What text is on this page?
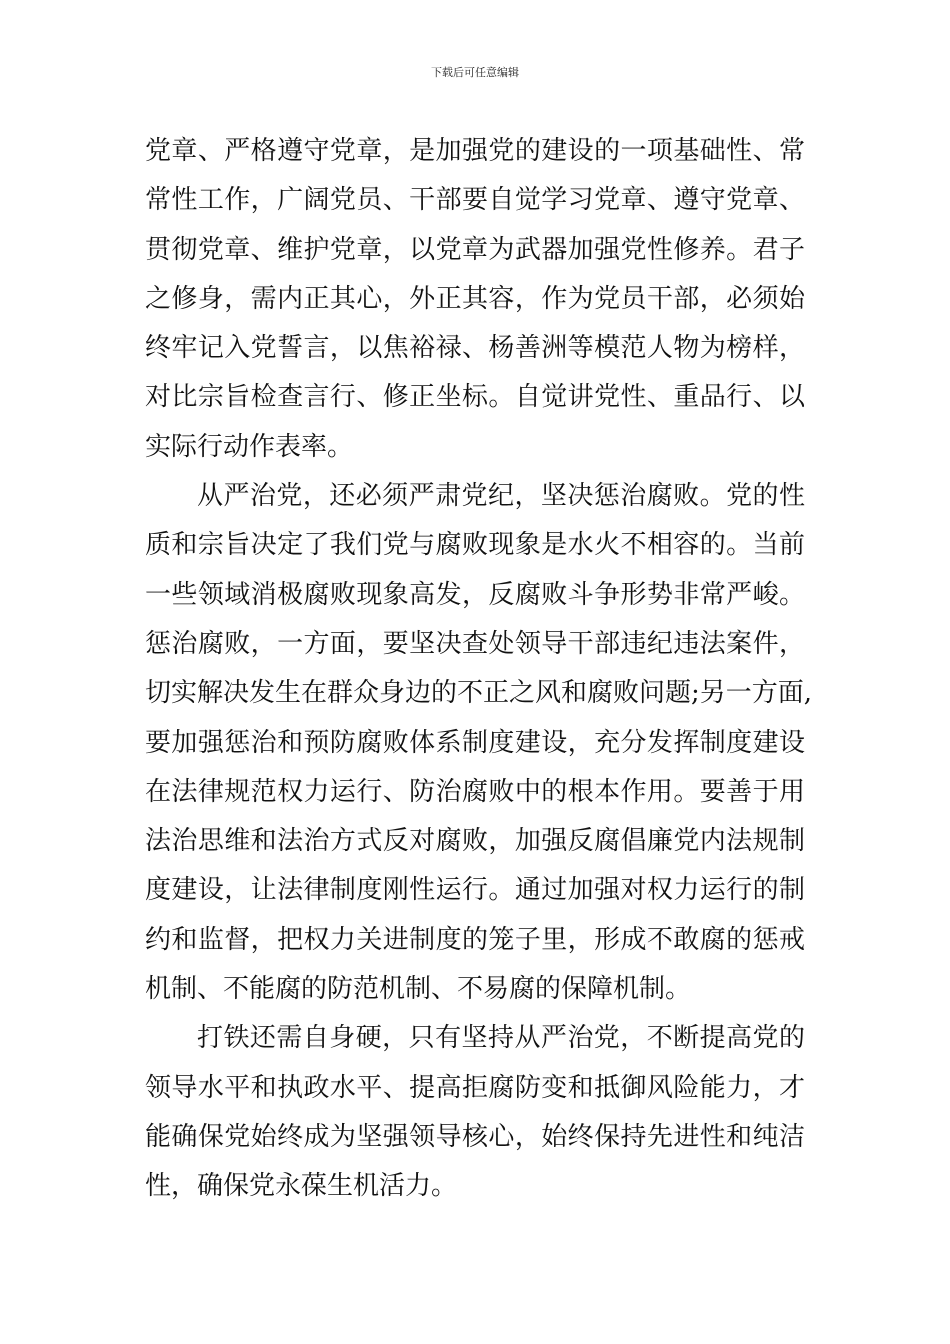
下载后可任意编辑
党章、严格遵守党章，是加强党的建设的一项基础性、常
常性工作，广阔党员、干部要自觉学习党章、遵守党章、
贯彻党章、维护党章，以党章为武器加强党性修养。君子
之修身，需内正其心，外正其容，作为党员干部，必须始
终牢记入党誓言，以焦裕禄、杨善洲等模范人物为榜样，
对比宗旨检查言行、修正坐标。自觉讲党性、重品行、以
实际行动作表率。
从严治党，还必须严肃党纪，坚决惩治腐败。党的性
质和宗旨决定了我们党与腐败现象是水火不相容的。当前
一些领域消极腐败现象高发，反腐败斗争形势非常严峻。
惩治腐败，一方面，要坚决查处领导干部违纪违法案件，
切实解决发生在群众身边的不正之风和腐败问题;另一方面,
要加强惩治和预防腐败体系制度建设，充分发挥制度建设
在法律规范权力运行、防治腐败中的根本作用。要善于用
法治思维和法治方式反对腐败，加强反腐倡廉党内法规制
度建设，让法律制度刚性运行。通过加强对权力运行的制
约和监督，把权力关进制度的笼子里，形成不敢腐的惩戒
机制、不能腐的防范机制、不易腐的保障机制。
打铁还需自身硬，只有坚持从严治党，不断提高党的
领导水平和执政水平、提高拒腐防变和抵御风险能力，才
能确保党始终成为坚强领导核心，始终保持先进性和纯洁
性，确保党永葆生机活力。
